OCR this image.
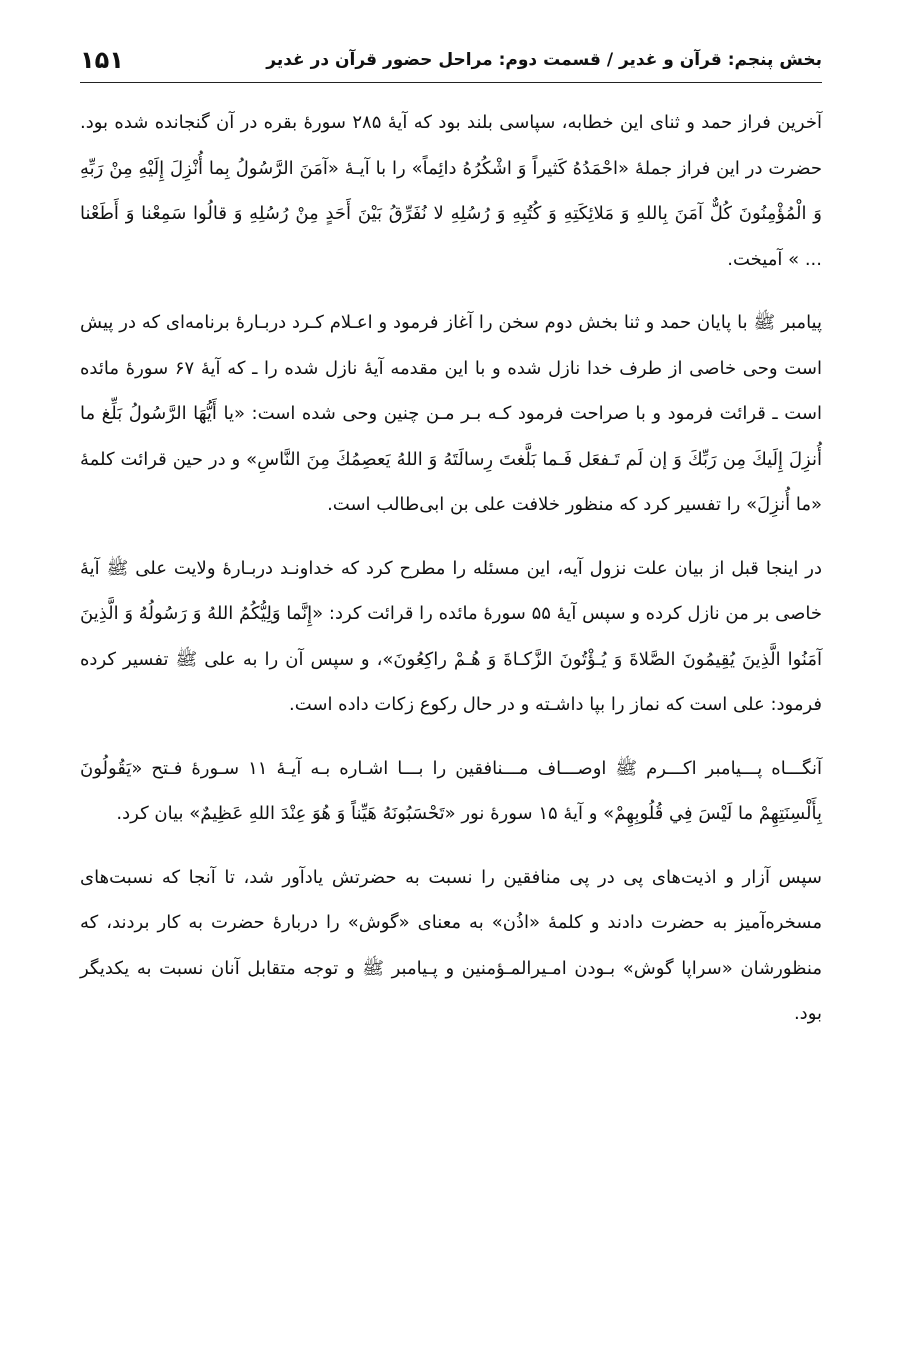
بخش پنجم: قرآن و غدیر / قسمت دوم: مراحل حضور قرآن در غدیر
۱۵۱

آخرین فراز حمد و ثنای این خطابه، سپاسی بلند بود که آیهٔ ۲۸۵ سورهٔ بقره در آن گنجانده شده بود. حضرت در این فراز جملهٔ «احْمَدُهُ كَثيراً وَ اشْكُرُهُ دائِماً» را با آیـهٔ «آمَنَ الرَّسُولُ بِما أُنْزِلَ إِلَيْهِ مِنْ رَبِّهِ وَ الْمُؤْمِنُونَ كُلٌّ آمَنَ بِاللهِ وَ مَلائِكَتِهِ وَ كُتُبِهِ وَ رُسُلِهِ لا نُفَرِّقُ بَيْنَ أَحَدٍ مِنْ رُسُلِهِ وَ قالُوا سَمِعْنا وَ أَطَعْنا ... » آمیخت.

پیامبر ﷺ با پایان حمد و ثنا بخش دوم سخن را آغاز فرمود و اعـلام کـرد دربـارهٔ برنامه‌ای که در پیش است وحی خاصی از طرف خدا نازل شده و با این مقدمه آیهٔ نازل شده را ـ که آیهٔ ۶۷ سورهٔ مائده است ـ قرائت فرمود و با صراحت فرمود کـه بـر مـن چنین وحی شده است: «يا أَيُّهَا الرَّسُولُ بَلِّغ ما أُنزِلَ إِلَيكَ مِن رَبِّكَ وَ إن لَم تَـفعَل فَـما بَلَّغتَ رِسالَتَهُ وَ اللهُ يَعصِمُكَ مِنَ النَّاسِ» و در حین قرائت کلمهٔ «ما أُنزِلَ» را تفسیر کرد که منظور خلافت علی بن ابی‌طالب است.

در اینجا قبل از بیان علت نزول آیه، این مسئله را مطرح کرد که خداونـد دربـارهٔ ولایت علی ﷺ آیهٔ خاصی بر من نازل کرده و سپس آیهٔ ۵۵ سورهٔ مائده را قرائت کرد: «إِنَّما وَلِيُّكُمُ اللهُ وَ رَسُولُهُ وَ الَّذِينَ آمَنُوا الَّذِينَ يُقِيمُونَ الصَّلاةَ وَ يُـؤْتُونَ الزَّكـاةَ وَ هُـمْ راكِعُونَ»، و سپس آن را به علی ﷺ تفسیر کرده فرمود: علی است که نماز را بپا داشـته و در حال رکوع زکات داده است.

آنگـــاه پـــیامبر اکـــرم ﷺ اوصـــاف مـــنافقین را بـــا اشـاره بـه آیـهٔ ۱۱ سـورهٔ فـتح «يَقُولُونَ بِأَلْسِنَتِهِمْ ما لَيْسَ فِي قُلُوبِهِمْ» و آیهٔ ۱۵ سورهٔ نور «تَحْسَبُونَهُ هَيِّناً وَ هُوَ عِنْدَ اللهِ عَظِيمٌ» بیان کرد.

سپس آزار و اذیت‌های پی در پی منافقین را نسبت به حضرتش یادآور شد، تا آنجا که نسبت‌های مسخره‌آمیز به حضرت دادند و کلمهٔ «اذُن» به معنای «گوش» را دربارهٔ حضرت به کار بردند، که منظورشان «سراپا گوش» بـودن امـیرالمـؤمنین و پـیامبر ﷺ و توجه متقابل آنان نسبت به یکدیگر بود.
